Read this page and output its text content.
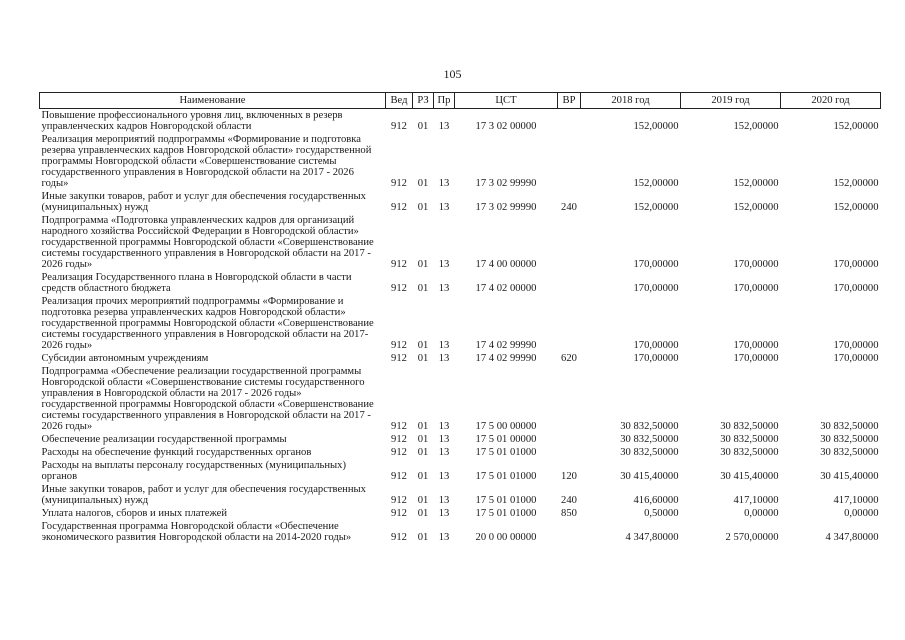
105
Наименование	Вед	РЗ	Пр	ЦСТ	ВР	2018 год	2019 год	2020 год
Повышение профессионального уровня лиц, включенных в резерв управленческих кадров Новгородской области	912	01	13	17 3 02 00000		152,00000	152,00000	152,00000
Реализация мероприятий подпрограммы «Формирование и подготовка резерва управленческих кадров Новгородской области» государственной программы Новгородской области «Совершенствование системы государственного управления в Новгородской области на 2017 - 2026 годы»	912	01	13	17 3 02 99990		152,00000	152,00000	152,00000
Иные закупки товаров, работ и услуг для обеспечения государственных (муниципальных) нужд	912	01	13	17 3 02 99990	240	152,00000	152,00000	152,00000
Подпрограмма «Подготовка управленческих кадров для организаций народного хозяйства Российской Федерации в Новгородской области» государственной программы Новгородской области «Совершенствование системы государственного управления в Новгородской области на 2017 - 2026 годы»	912	01	13	17 4 00 00000		170,00000	170,00000	170,00000
Реализация Государственного плана в Новгородской области в части средств областного бюджета	912	01	13	17 4 02 00000		170,00000	170,00000	170,00000
Реализация прочих мероприятий подпрограммы «Формирование и подготовка резерва управленческих кадров Новгородской области» государственной программы Новгородской области «Совершенствование системы государственного управления в Новгородской области на 2017-2026 годы»	912	01	13	17 4 02 99990		170,00000	170,00000	170,00000
Субсидии автономным учреждениям	912	01	13	17 4 02 99990	620	170,00000	170,00000	170,00000
Подпрограмма «Обеспечение реализации государственной программы Новгородской области «Совершенствование системы государственного управления в Новгородской области на 2017 - 2026 годы» государственной программы Новгородской области «Совершенствование системы государственного управления в Новгородской области на 2017 - 2026 годы»	912	01	13	17 5 00 00000		30 832,50000	30 832,50000	30 832,50000
Обеспечение реализации государственной программы	912	01	13	17 5 01 00000		30 832,50000	30 832,50000	30 832,50000
Расходы на обеспечение функций государственных органов	912	01	13	17 5 01 01000		30 832,50000	30 832,50000	30 832,50000
Расходы на выплаты персоналу государственных (муниципальных) органов	912	01	13	17 5 01 01000	120	30 415,40000	30 415,40000	30 415,40000
Иные закупки товаров, работ и услуг для обеспечения государственных (муниципальных) нужд	912	01	13	17 5 01 01000	240	416,60000	417,10000	417,10000
Уплата налогов, сборов и иных платежей	912	01	13	17 5 01 01000	850	0,50000	0,00000	0,00000
Государственная программа Новгородской области «Обеспечение экономического развития Новгородской области на 2014-2020 годы»	912	01	13	20 0 00 00000		4 347,80000	2 570,00000	4 347,80000
